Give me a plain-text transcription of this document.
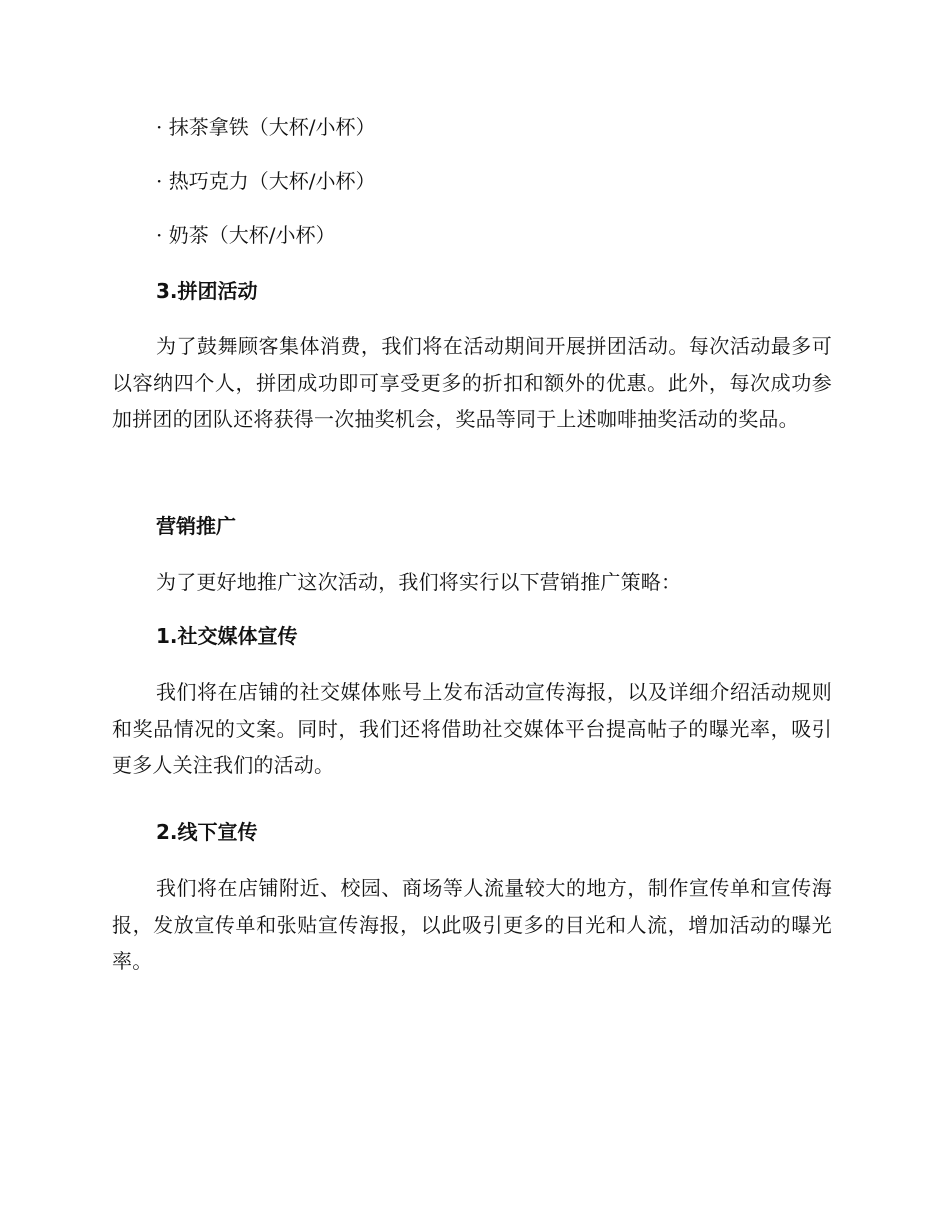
· 抹茶拿铁（大杯/小杯）
· 热巧克力（大杯/小杯）
· 奶茶（大杯/小杯）
3.拼团活动
为了鼓舞顾客集体消费，我们将在活动期间开展拼团活动。每次活动最多可以容纳四个人，拼团成功即可享受更多的折扣和额外的优惠。此外，每次成功参加拼团的团队还将获得一次抽奖机会，奖品等同于上述咖啡抽奖活动的奖品。
营销推广
为了更好地推广这次活动，我们将实行以下营销推广策略：
1.社交媒体宣传
我们将在店铺的社交媒体账号上发布活动宣传海报，以及详细介绍活动规则和奖品情况的文案。同时，我们还将借助社交媒体平台提高帖子的曝光率，吸引更多人关注我们的活动。
2.线下宣传
我们将在店铺附近、校园、商场等人流量较大的地方，制作宣传单和宣传海报，发放宣传单和张贴宣传海报，以此吸引更多的目光和人流，增加活动的曝光率。
